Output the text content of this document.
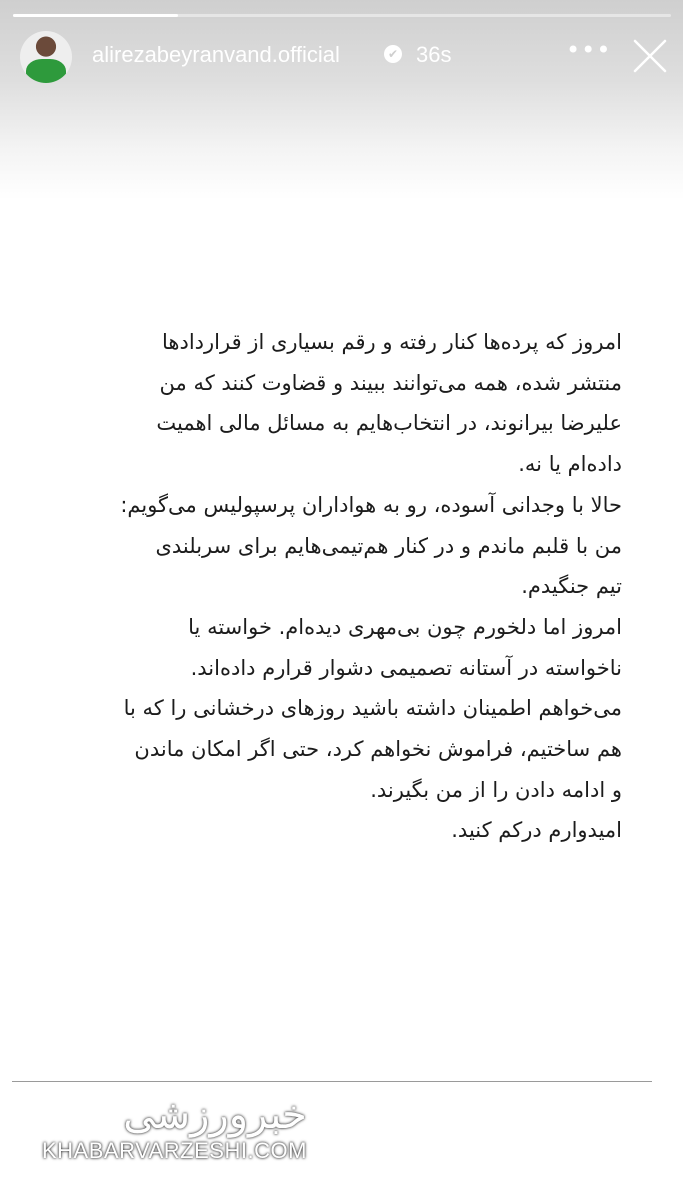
alirezabeyranvand.official	✔ 36s	•••
امروز که پرده‌ها کنار رفته و رقم بسیاری از قراردادها
منتشر شده، همه می‌توانند ببیند و قضاوت کنند که من
علیرضا بیرانوند، در انتخاب‌هایم به مسائل مالی اهمیت
داده‌ام یا نه.
حالا با وجدانی آسوده، رو به هواداران پرسپولیس می‌گویم:
من با قلبم ماندم و در کنار هم‌تیمی‌هایم برای سربلندی
تیم جنگیدم.
امروز اما دلخورم چون بی‌مهری دیده‌ام. خواسته یا
ناخواسته در آستانه تصمیمی دشوار قرارم داده‌اند.
می‌خواهم اطمینان داشته باشید روزهای درخشانی را که با
هم ساختیم، فراموش نخواهم کرد، حتی اگر امکان ماندن
و ادامه دادن را از من بگیرند.
امیدوارم درکم کنید.
خبرورزشی
KHABARVARZESHI.COM
